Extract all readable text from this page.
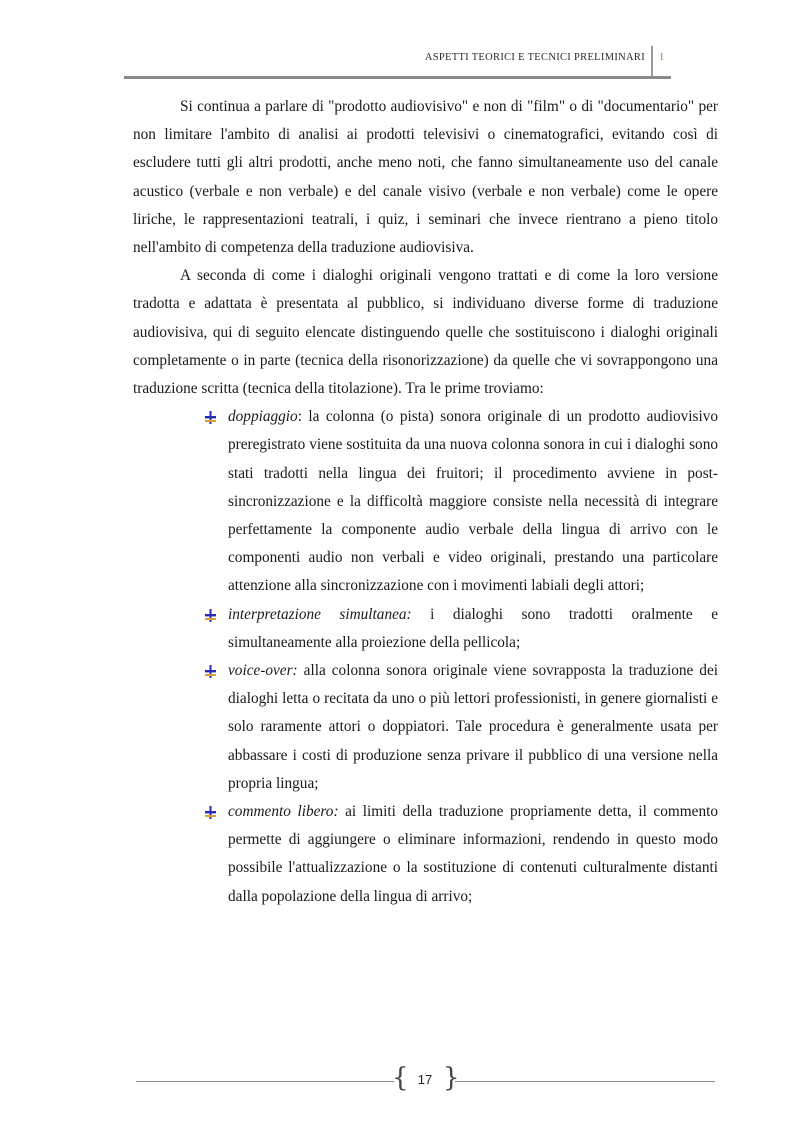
ASPETTI TEORICI E TECNICI PRELIMINARI 1

Si continua a parlare di "prodotto audiovisivo" e non di "film" o di "documentario" per non limitare l'ambito di analisi ai prodotti televisivi o cinematografici, evitando così di escludere tutti gli altri prodotti, anche meno noti, che fanno simultaneamente uso del canale acustico (verbale e non verbale) e del canale visivo (verbale e non verbale) come le opere liriche, le rappresentazioni teatrali, i quiz, i seminari che invece rientrano a pieno titolo nell'ambito di competenza della traduzione audiovisiva.

A seconda di come i dialoghi originali vengono trattati e di come la loro versione tradotta e adattata è presentata al pubblico, si individuano diverse forme di traduzione audiovisiva, qui di seguito elencate distinguendo quelle che sostituiscono i dialoghi originali completamente o in parte (tecnica della risonorizzazione) da quelle che vi sovrappongono una traduzione scritta (tecnica della titolazione). Tra le prime troviamo:

doppiaggio: la colonna (o pista) sonora originale di un prodotto audiovisivo preregistrato viene sostituita da una nuova colonna sonora in cui i dialoghi sono stati tradotti nella lingua dei fruitori; il procedimento avviene in post-sincronizzazione e la difficoltà maggiore consiste nella necessità di integrare perfettamente la componente audio verbale della lingua di arrivo con le componenti audio non verbali e video originali, prestando una particolare attenzione alla sincronizzazione con i movimenti labiali degli attori;
interpretazione simultanea: i dialoghi sono tradotti oralmente e simultaneamente alla proiezione della pellicola;
voice-over: alla colonna sonora originale viene sovrapposta la traduzione dei dialoghi letta o recitata da uno o più lettori professionisti, in genere giornalisti e solo raramente attori o doppiatori. Tale procedura è generalmente usata per abbassare i costi di produzione senza privare il pubblico di una versione nella propria lingua;
commento libero: ai limiti della traduzione propriamente detta, il commento permette di aggiungere o eliminare informazioni, rendendo in questo modo possibile l'attualizzazione o la sostituzione di contenuti culturalmente distanti dalla popolazione della lingua di arrivo;
{ 17 }
